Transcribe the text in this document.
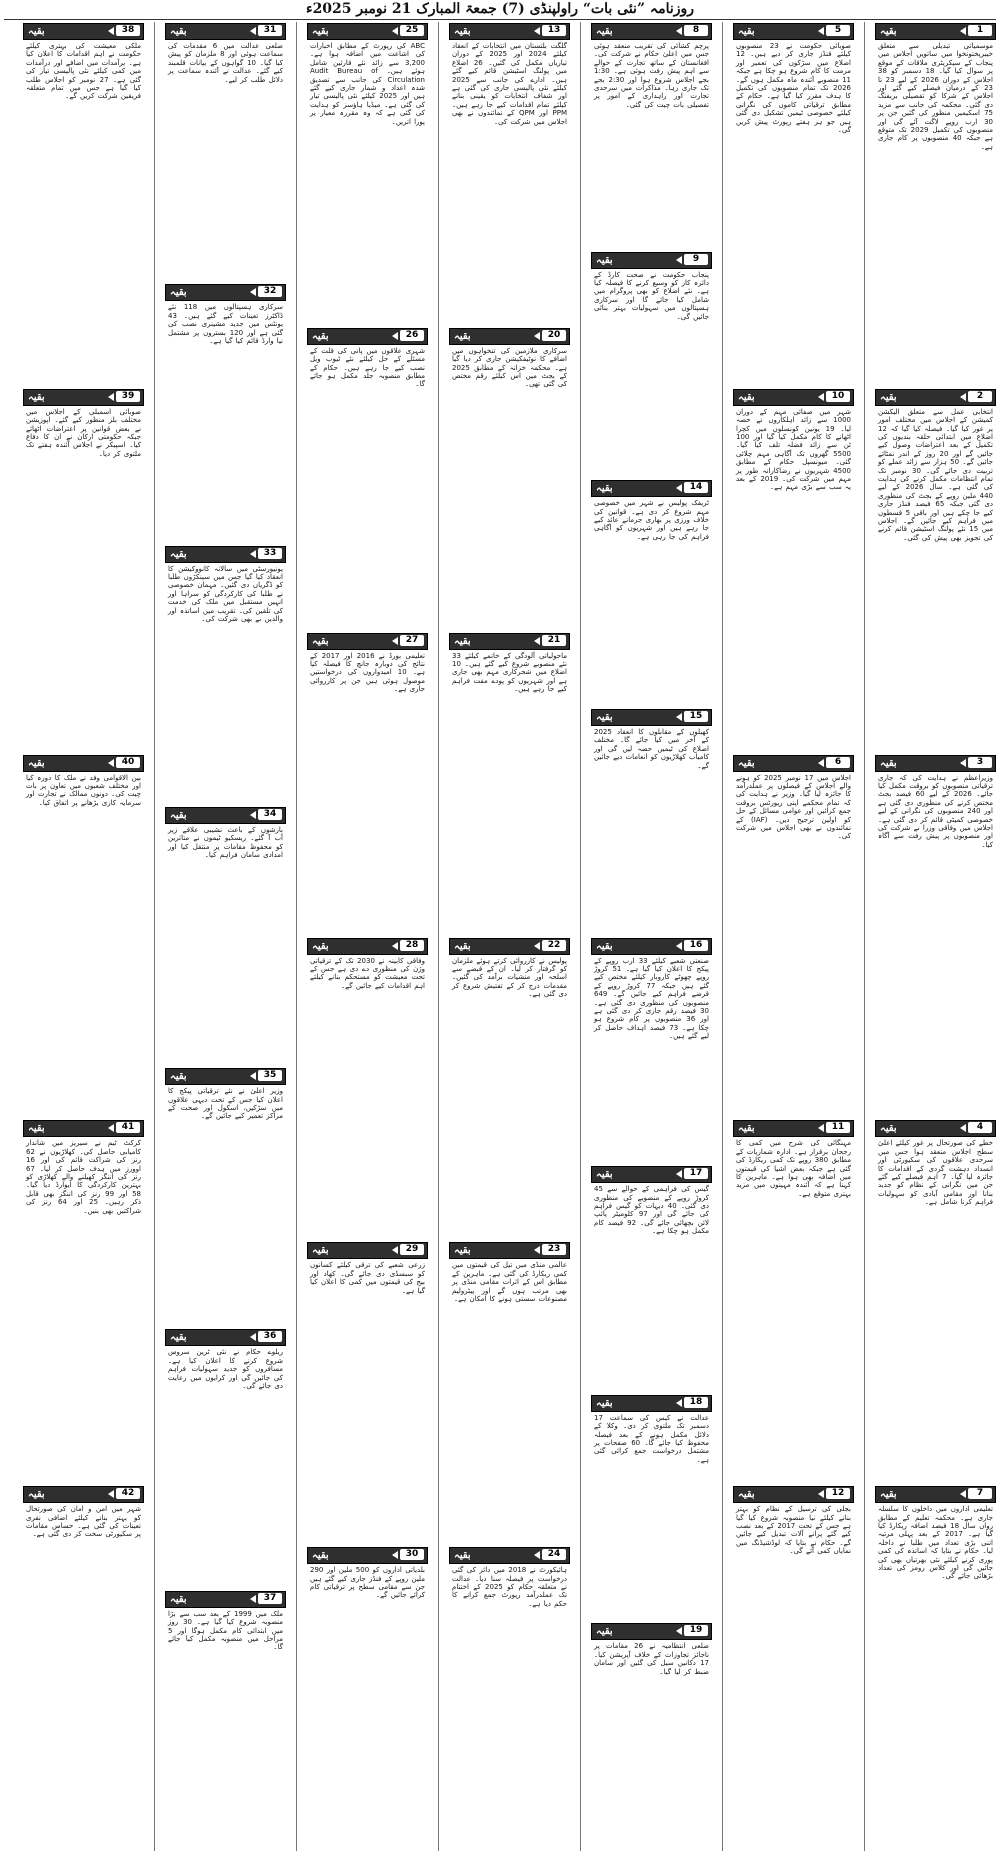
روزنامہ ”نئی بات“ راولپنڈی (7) جمعۃ المبارک 21 نومبر 2025ء
بقیہ	1
موسمیاتی تبدیلی سے متعلق خیبرپختونخوا میں ساتویں اجلاس میں پنجاب کے سیکریٹری ملاقات کے موقع پر سوال کیا گیا۔ 18 دسمبر کو 38 اجلاس کے دوران 2026 کے لیے 23 تا 23 کے درمیان فیصلے کیے گئے اور اجلاس کے شرکا کو تفصیلی بریفنگ دی گئی۔ محکمہ کی جانب سے مزید 75 اسکیمیں منظور کی گئیں جن پر 30 ارب روپے لاگت آئے گی اور منصوبوں کی تکمیل 2029 تک متوقع ہے جبکہ 40 منصوبوں پر کام جاری ہے۔
بقیہ	2
انتخابی عمل سے متعلق الیکشن کمیشن کے اجلاس میں مختلف امور پر غور کیا گیا۔ فیصلہ کیا گیا کہ 12 اضلاع میں ابتدائی حلقہ بندیوں کی تکمیل کے بعد اعتراضات وصول کیے جائیں گے اور 20 روز کے اندر نمٹائے جائیں گے۔ 50 ہزار سے زائد عملے کو تربیت دی جائے گی۔ 30 نومبر تک تمام انتظامات مکمل کرنے کی ہدایت کی گئی ہے۔ سال 2026 کے لیے 440 ملین روپے کے بجٹ کی منظوری دی گئی جبکہ 65 فیصد فنڈز جاری کیے جا چکے ہیں اور باقی 5 قسطوں میں فراہم کیے جائیں گے۔ اجلاس میں 15 نئے پولنگ اسٹیشن قائم کرنے کی تجویز بھی پیش کی گئی۔
بقیہ	3
وزیراعظم نے ہدایت کی کہ جاری ترقیاتی منصوبوں کو بروقت مکمل کیا جائے۔ 2026 کے لیے 60 فیصد بجٹ مختص کرنے کی منظوری دی گئی ہے اور 240 منصوبوں کی نگرانی کے لیے خصوصی کمیٹی قائم کر دی گئی ہے۔ اجلاس میں وفاقی وزرا نے شرکت کی اور منصوبوں پر پیش رفت سے آگاہ کیا۔
بقیہ	4
خطے کی صورتحال پر غور کیلئے اعلیٰ سطح اجلاس منعقد ہوا جس میں سرحدی علاقوں کی سکیورٹی اور انسداد دہشت گردی کے اقدامات کا جائزہ لیا گیا۔ 7 اہم فیصلے کیے گئے جن میں نگرانی کے نظام کو جدید بنانا اور مقامی آبادی کو سہولیات فراہم کرنا شامل ہے۔
بقیہ	7
تعلیمی اداروں میں داخلوں کا سلسلہ جاری ہے۔ محکمہ تعلیم کے مطابق رواں سال 18 فیصد اضافہ ریکارڈ کیا گیا ہے۔ 2017 کے بعد پہلی مرتبہ اتنی بڑی تعداد میں طلبا نے داخلہ لیا۔ حکام نے بتایا کہ اساتذہ کی کمی پوری کرنے کیلئے نئی بھرتیاں بھی کی جائیں گی اور کلاس رومز کی تعداد بڑھائی جائے گی۔
بقیہ	5
صوبائی حکومت نے 23 منصوبوں کیلئے فنڈز جاری کر دیے ہیں۔ 12 اضلاع میں سڑکوں کی تعمیر اور مرمت کا کام شروع ہو چکا ہے جبکہ 11 منصوبے آئندہ ماہ مکمل ہوں گے۔ 2026 تک تمام منصوبوں کی تکمیل کا ہدف مقرر کیا گیا ہے۔ حکام کے مطابق ترقیاتی کاموں کی نگرانی کیلئے خصوصی ٹیمیں تشکیل دی گئی ہیں جو ہر ہفتے رپورٹ پیش کریں گی۔
بقیہ	10
شہر میں صفائی مہم کے دوران 1000 سے زائد اہلکاروں نے حصہ لیا۔ 19 یونین کونسلوں میں کچرا اٹھانے کا کام مکمل کیا گیا اور 100 ٹن سے زائد فضلہ تلف کیا گیا۔ 5500 گھروں تک آگاہی مہم چلائی گئی۔ میونسپل حکام کے مطابق 4500 شہریوں نے رضاکارانہ طور پر مہم میں شرکت کی۔ 2019 کے بعد یہ سب سے بڑی مہم ہے۔
بقیہ	6
اجلاس میں 17 نومبر 2025 کو ہونے والے اجلاس کے فیصلوں پر عملدرآمد کا جائزہ لیا گیا۔ وزیر نے ہدایت کی کہ تمام محکمے اپنی رپورٹس بروقت جمع کرائیں اور عوامی مسائل کے حل کو اولین ترجیح دیں۔ (IAF) کے نمائندوں نے بھی اجلاس میں شرکت کی۔
بقیہ	11
مہنگائی کی شرح میں کمی کا رجحان برقرار ہے۔ ادارہ شماریات کے مطابق 380 روپے تک کمی ریکارڈ کی گئی ہے جبکہ بعض اشیا کی قیمتوں میں اضافہ بھی ہوا ہے۔ ماہرین کا کہنا ہے کہ آئندہ مہینوں میں مزید بہتری متوقع ہے۔
بقیہ	12
بجلی کی ترسیل کے نظام کو بہتر بنانے کیلئے نیا منصوبہ شروع کیا گیا ہے جس کے تحت 2017 کے بعد نصب کیے گئے پرانے آلات تبدیل کیے جائیں گے۔ حکام نے بتایا کہ لوڈشیڈنگ میں نمایاں کمی آئے گی۔
بقیہ	8
پرچم کشائی کی تقریب منعقد ہوئی جس میں اعلیٰ حکام نے شرکت کی۔ افغانستان کے ساتھ تجارت کے حوالے سے اہم پیش رفت ہوئی ہے۔ 1:30 بجے اجلاس شروع ہوا اور 2:30 بجے تک جاری رہا۔ مذاکرات میں سرحدی تجارت اور راہداری کے امور پر تفصیلی بات چیت کی گئی۔
بقیہ	9
پنجاب حکومت نے صحت کارڈ کے دائرہ کار کو وسیع کرنے کا فیصلہ کیا ہے۔ نئے اضلاع کو بھی پروگرام میں شامل کیا جائے گا اور سرکاری ہسپتالوں میں سہولیات بہتر بنائی جائیں گی۔
بقیہ	14
ٹریفک پولیس نے شہر میں خصوصی مہم شروع کر دی ہے۔ قوانین کی خلاف ورزی پر بھاری جرمانے عائد کیے جا رہے ہیں اور شہریوں کو آگاہی فراہم کی جا رہی ہے۔
بقیہ	15
کھیلوں کے مقابلوں کا انعقاد 2025 کے آخر میں کیا جائے گا۔ مختلف اضلاع کی ٹیمیں حصہ لیں گی اور کامیاب کھلاڑیوں کو انعامات دیے جائیں گے۔
بقیہ	16
صنعتی شعبے کیلئے 33 ارب روپے کے پیکج کا اعلان کیا گیا ہے۔ 51 کروڑ روپے چھوٹے کاروبار کیلئے مختص کیے گئے ہیں جبکہ 77 کروڑ روپے کے قرضے فراہم کیے جائیں گے۔ 649 منصوبوں کی منظوری دی گئی ہے۔ 30 فیصد رقم جاری کر دی گئی ہے اور 36 منصوبوں پر کام شروع ہو چکا ہے۔ 73 فیصد اہداف حاصل کر لیے گئے ہیں۔
بقیہ	17
گیس کی فراہمی کے حوالے سے 45 کروڑ روپے کے منصوبے کی منظوری دی گئی۔ 40 دیہات کو گیس فراہم کی جائے گی اور 97 کلومیٹر پائپ لائن بچھائی جائے گی۔ 92 فیصد کام مکمل ہو چکا ہے۔
بقیہ	18
عدالت نے کیس کی سماعت 17 دسمبر تک ملتوی کر دی۔ وکلا کے دلائل مکمل ہونے کے بعد فیصلہ محفوظ کیا جائے گا۔ 60 صفحات پر مشتمل درخواست جمع کرائی گئی ہے۔
بقیہ	19
ضلعی انتظامیہ نے 26 مقامات پر ناجائز تجاوزات کے خلاف آپریشن کیا۔ 17 دکانیں سیل کی گئیں اور سامان ضبط کر لیا گیا۔
بقیہ	13
گلگت بلتستان میں انتخابات کے انعقاد کیلئے 2024 اور 2025 کے دوران تیاریاں مکمل کی گئیں۔ 26 اضلاع میں پولنگ اسٹیشن قائم کیے گئے ہیں۔ ادارے کی جانب سے 2025 کیلئے نئی پالیسی جاری کی گئی ہے اور شفاف انتخابات کو یقینی بنانے کیلئے تمام اقدامات کیے جا رہے ہیں۔ PPM اور QPM کے نمائندوں نے بھی اجلاس میں شرکت کی۔
بقیہ	20
سرکاری ملازمین کی تنخواہوں میں اضافے کا نوٹیفکیشن جاری کر دیا گیا ہے۔ محکمہ خزانہ کے مطابق 2025 کے بجٹ میں اس کیلئے رقم مختص کی گئی تھی۔
بقیہ	21
ماحولیاتی آلودگی کے خاتمے کیلئے 33 نئے منصوبے شروع کیے گئے ہیں۔ 10 اضلاع میں شجرکاری مہم بھی جاری ہے اور شہریوں کو پودے مفت فراہم کیے جا رہے ہیں۔
بقیہ	22
پولیس نے کارروائی کرتے ہوئے ملزمان کو گرفتار کر لیا۔ ان کے قبضے سے اسلحہ اور منشیات برآمد کی گئیں۔ مقدمات درج کر کے تفتیش شروع کر دی گئی ہے۔
بقیہ	23
عالمی منڈی میں تیل کی قیمتوں میں کمی ریکارڈ کی گئی ہے۔ ماہرین کے مطابق اس کے اثرات مقامی منڈی پر بھی مرتب ہوں گے اور پیٹرولیم مصنوعات سستی ہونے کا امکان ہے۔
بقیہ	24
ہائیکورٹ نے 2018 میں دائر کی گئی درخواست پر فیصلہ سنا دیا۔ عدالت نے متعلقہ حکام کو 2025 کے اختتام تک عملدرآمد رپورٹ جمع کرانے کا حکم دیا ہے۔
بقیہ	25
ABC کی رپورٹ کے مطابق اخبارات کی اشاعت میں اضافہ ہوا ہے۔ 3,200 سے زائد نئے قارئین شامل ہوئے ہیں۔ Audit Bureau of Circulation کی جانب سے تصدیق شدہ اعداد و شمار جاری کیے گئے ہیں اور 2025 کیلئے نئی پالیسی تیار کی گئی ہے۔ میڈیا ہاؤسز کو ہدایت کی گئی ہے کہ وہ مقررہ معیار پر پورا اتریں۔
بقیہ	26
شہری علاقوں میں پانی کی قلت کے مسئلے کے حل کیلئے نئے ٹیوب ویل نصب کیے جا رہے ہیں۔ حکام کے مطابق منصوبہ جلد مکمل ہو جائے گا۔
بقیہ	27
تعلیمی بورڈ نے 2016 اور 2017 کے نتائج کی دوبارہ جانچ کا فیصلہ کیا ہے۔ 10 امیدواروں کی درخواستیں موصول ہوئی ہیں جن پر کارروائی جاری ہے۔
بقیہ	28
وفاقی کابینہ نے 2030 تک کے ترقیاتی وژن کی منظوری دے دی ہے جس کے تحت معیشت کو مستحکم بنانے کیلئے اہم اقدامات کیے جائیں گے۔
بقیہ	29
زرعی شعبے کی ترقی کیلئے کسانوں کو سبسڈی دی جائے گی۔ کھاد اور بیج کی قیمتوں میں کمی کا اعلان کیا گیا ہے۔
بقیہ	30
بلدیاتی اداروں کو 500 ملین اور 290 ملین روپے کے فنڈز جاری کیے گئے ہیں جن سے مقامی سطح پر ترقیاتی کام کرائے جائیں گے۔
بقیہ	31
ضلعی عدالت میں 6 مقدمات کی سماعت ہوئی اور 8 ملزمان کو پیش کیا گیا۔ 10 گواہوں کے بیانات قلمبند کیے گئے۔ عدالت نے آئندہ سماعت پر دلائل طلب کر لیے۔
بقیہ	32
سرکاری ہسپتالوں میں 118 نئے ڈاکٹرز تعینات کیے گئے ہیں۔ 43 یونٹس میں جدید مشینری نصب کی گئی ہے اور 120 بستروں پر مشتمل نیا وارڈ قائم کیا گیا ہے۔
بقیہ	33
یونیورسٹی میں سالانہ کانووکیشن کا انعقاد کیا گیا جس میں سینکڑوں طلبا کو ڈگریاں دی گئیں۔ مہمان خصوصی نے طلبا کی کارکردگی کو سراہا اور انہیں مستقبل میں ملک کی خدمت کی تلقین کی۔ تقریب میں اساتذہ اور والدین نے بھی شرکت کی۔
بقیہ	34
بارشوں کے باعث نشیبی علاقے زیر آب آ گئے۔ ریسکیو ٹیموں نے متاثرین کو محفوظ مقامات پر منتقل کیا اور امدادی سامان فراہم کیا۔
بقیہ	35
وزیر اعلیٰ نے نئے ترقیاتی پیکج کا اعلان کیا جس کے تحت دیہی علاقوں میں سڑکیں، اسکول اور صحت کے مراکز تعمیر کیے جائیں گے۔
بقیہ	36
ریلوے حکام نے نئی ٹرین سروس شروع کرنے کا اعلان کیا ہے۔ مسافروں کو جدید سہولیات فراہم کی جائیں گی اور کرایوں میں رعایت دی جائے گی۔
بقیہ	37
ملک میں 1999 کے بعد سب سے بڑا منصوبہ شروع کیا گیا ہے۔ 30 روز میں ابتدائی کام مکمل ہوگا اور 5 مراحل میں منصوبہ مکمل کیا جائے گا۔
بقیہ	38
ملکی معیشت کی بہتری کیلئے حکومت نے اہم اقدامات کا اعلان کیا ہے۔ برآمدات میں اضافے اور درآمدات میں کمی کیلئے نئی پالیسی تیار کی گئی ہے۔ 27 نومبر کو اجلاس طلب کیا گیا ہے جس میں تمام متعلقہ فریقین شرکت کریں گے۔
بقیہ	39
صوبائی اسمبلی کے اجلاس میں مختلف بلز منظور کیے گئے۔ اپوزیشن نے بعض قوانین پر اعتراضات اٹھائے جبکہ حکومتی ارکان نے ان کا دفاع کیا۔ اسپیکر نے اجلاس آئندہ ہفتے تک ملتوی کر دیا۔
بقیہ	40
بین الاقوامی وفد نے ملک کا دورہ کیا اور مختلف شعبوں میں تعاون پر بات چیت کی۔ دونوں ممالک نے تجارت اور سرمایہ کاری بڑھانے پر اتفاق کیا۔
بقیہ	41
کرکٹ ٹیم نے سیریز میں شاندار کامیابی حاصل کی۔ کھلاڑیوں نے 62 رنز کی شراکت قائم کی اور 16 اوورز میں ہدف حاصل کر لیا۔ 67 رنز کی اننگز کھیلنے والے کھلاڑی کو بہترین کارکردگی کا ایوارڈ دیا گیا۔ 58 اور 99 رنز کی اننگز بھی قابل ذکر رہیں۔ 25 اور 64 رنز کی شراکتیں بھی بنیں۔
بقیہ	42
شہر میں امن و امان کی صورتحال کو بہتر بنانے کیلئے اضافی نفری تعینات کی گئی ہے۔ حساس مقامات پر سکیورٹی سخت کر دی گئی ہے۔
